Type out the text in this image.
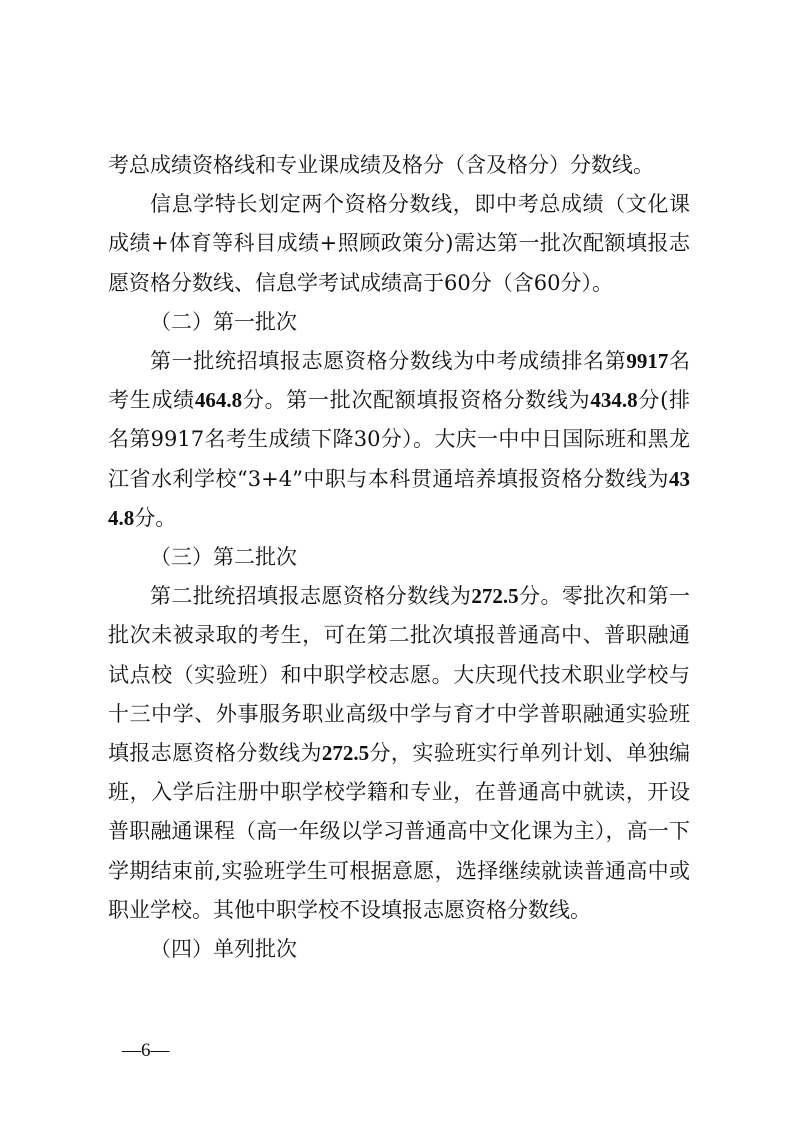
考总成绩资格线和专业课成绩及格分（含及格分）分数线。

信息学特长划定两个资格分数线，即中考总成绩（文化课成绩+体育等科目成绩+照顾政策分)需达第一批次配额填报志愿资格分数线、信息学考试成绩高于60分（含60分）。

（二）第一批次

第一批统招填报志愿资格分数线为中考成绩排名第9917名考生成绩464.8分。第一批次配额填报资格分数线为434.8分(排名第9917名考生成绩下降30分）。大庆一中中日国际班和黑龙江省水利学校“3+4”中职与本科贯通培养填报资格分数线为434.8分。

（三）第二批次

第二批统招填报志愿资格分数线为272.5分。零批次和第一批次未被录取的考生，可在第二批次填报普通高中、普职融通试点校（实验班）和中职学校志愿。大庆现代技术职业学校与十三中学、外事服务职业高级中学与育才中学普职融通实验班填报志愿资格分数线为272.5分，实验班实行单列计划、单独编班，入学后注册中职学校学籍和专业，在普通高中就读，开设普职融通课程（高一年级以学习普通高中文化课为主），高一下学期结束前,实验班学生可根据意愿，选择继续就读普通高中或职业学校。其他中职学校不设填报志愿资格分数线。

（四）单列批次

—6—
